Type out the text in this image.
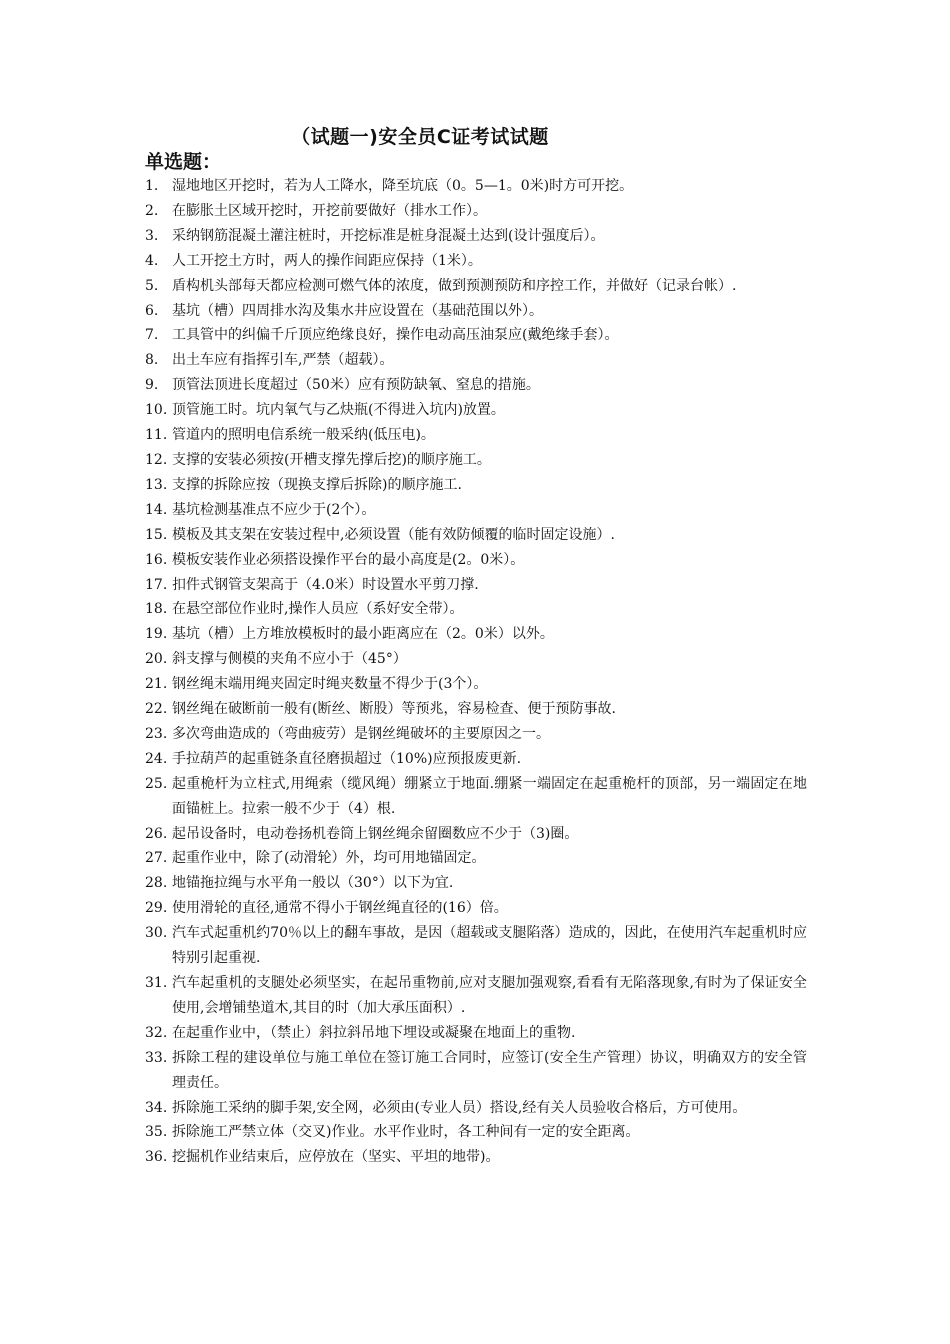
（试题一)安全员C证考试试题
单选题：
1. 湿地地区开挖时，若为人工降水，降至坑底（0。5—1。0米)时方可开挖。
2. 在膨胀土区域开挖时，开挖前要做好（排水工作）。
3. 采纳钢筋混凝土灌注桩时，开挖标准是桩身混凝土达到(设计强度后）。
4. 人工开挖土方时，两人的操作间距应保持（1米）。
5. 盾构机头部每天都应检测可燃气体的浓度，做到预测预防和序控工作，并做好（记录台帐）.
6. 基坑（槽）四周排水沟及集水井应设置在（基础范围以外）。
7. 工具管中的纠偏千斤顶应绝缘良好，操作电动高压油泵应(戴绝缘手套）。
8. 出土车应有指挥引车,严禁（超载）。
9. 顶管法顶进长度超过（50米）应有预防缺氧、窒息的措施。
10. 顶管施工时。坑内氧气与乙炔瓶(不得进入坑内)放置。
11. 管道内的照明电信系统一般采纳(低压电)。
12. 支撑的安装必须按(开槽支撑先撑后挖)的顺序施工。
13. 支撑的拆除应按（现换支撑后拆除)的顺序施工.
14. 基坑检测基准点不应少于(2个）。
15. 模板及其支架在安装过程中,必须设置（能有效防倾覆的临时固定设施）.
16. 模板安装作业必须搭设操作平台的最小高度是(2。0米）。
17. 扣件式钢管支架高于（4.0米）时设置水平剪刀撑.
18. 在悬空部位作业时,操作人员应（系好安全带）。
19. 基坑（槽）上方堆放模板时的最小距离应在（2。0米）以外。
20. 斜支撑与侧模的夹角不应小于（45°）
21. 钢丝绳末端用绳夹固定时绳夹数量不得少于(3个）。
22. 钢丝绳在破断前一般有(断丝、断股）等预兆，容易检查、便于预防事故.
23. 多次弯曲造成的（弯曲疲劳）是钢丝绳破坏的主要原因之一。
24. 手拉葫芦的起重链条直径磨损超过（10%)应预报废更新.
25. 起重桅杆为立柱式,用绳索（缆风绳）绷紧立于地面.绷紧一端固定在起重桅杆的顶部，另一端固定在地面锚桩上。拉索一般不少于（4）根.
26. 起吊设备时，电动卷扬机卷筒上钢丝绳余留圈数应不少于（3)圈。
27. 起重作业中，除了(动滑轮）外，均可用地锚固定。
28. 地锚拖拉绳与水平角一般以（30°）以下为宜.
29. 使用滑轮的直径,通常不得小于钢丝绳直径的(16）倍。
30. 汽车式起重机约70％以上的翻车事故，是因（超载或支腿陷落）造成的，因此，在使用汽车起重机时应特别引起重视.
31. 汽车起重机的支腿处必须坚实，在起吊重物前,应对支腿加强观察,看看有无陷落现象,有时为了保证安全使用,会增铺垫道木,其目的时（加大承压面积）.
32. 在起重作业中，（禁止）斜拉斜吊地下埋设或凝聚在地面上的重物.
33. 拆除工程的建设单位与施工单位在签订施工合同时，应签订(安全生产管理）协议，明确双方的安全管理责任。
34. 拆除施工采纳的脚手架,安全网，必须由(专业人员）搭设,经有关人员验收合格后，方可使用。
35. 拆除施工严禁立体（交叉)作业。水平作业时，各工种间有一定的安全距离。
36. 挖掘机作业结束后，应停放在（坚实、平坦的地带)。
